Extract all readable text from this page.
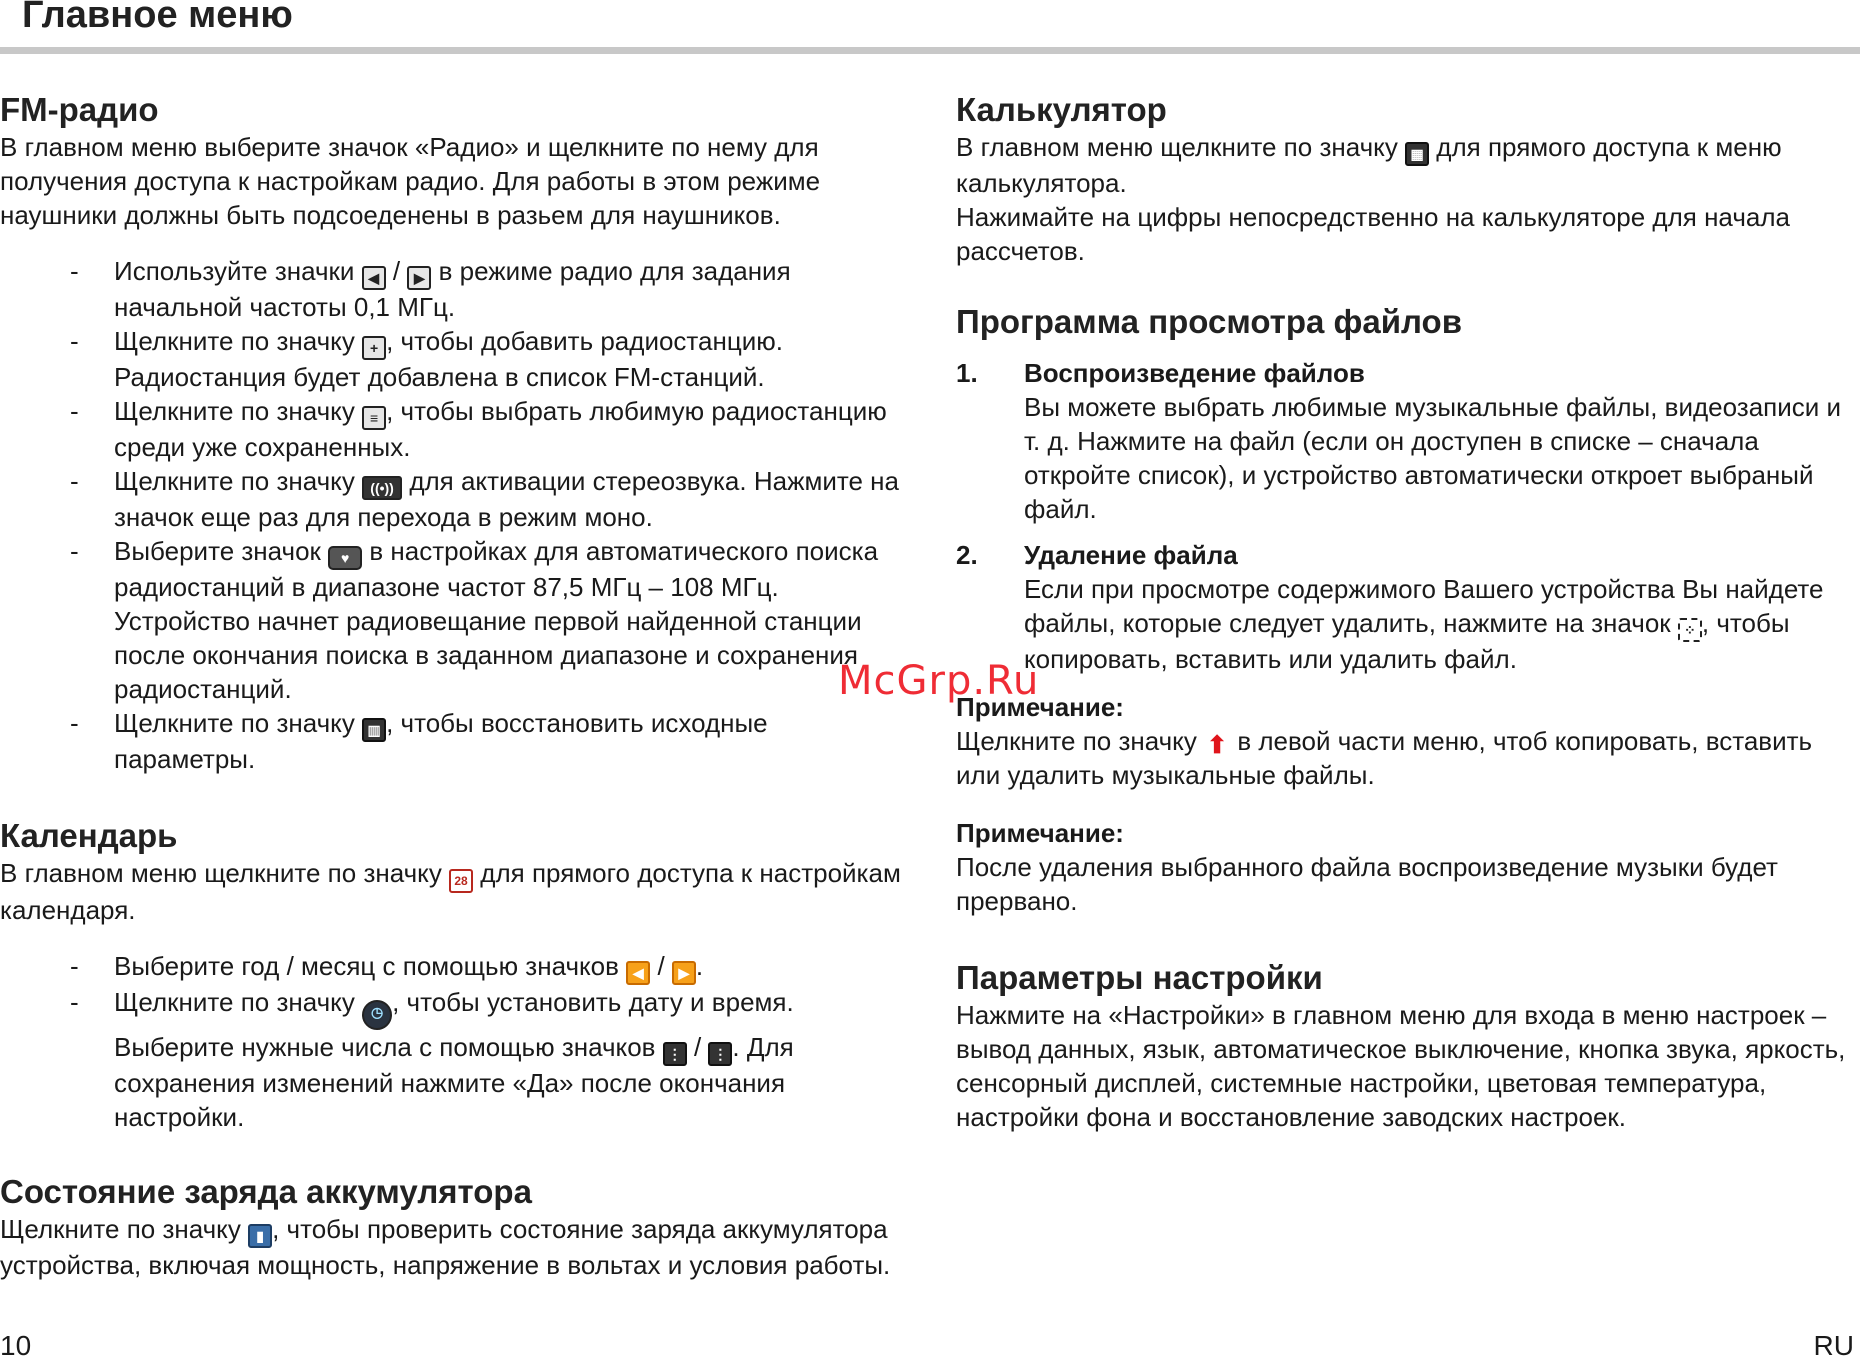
Главное меню
FM-радио

В главном меню выберите значок «Радио» и щелкните по нему для получения доступа к настройкам радио. Для работы в этом режиме наушники должны быть подсоеденены в разьем для наушников.

- Используйте значки ◀ / ▶ в режиме радио для задания начальной частоты 0,1 МГц.
- Щелкните по значку + , чтобы добавить радиостанцию. Радиостанция будет добавлена в список FM-станций.
- Щелкните по значку ≡ , чтобы выбрать любимую радиостанцию среди уже сохраненных.
- Щелкните по значку ((•)) для активации стереозвука. Нажмите на значок еще раз для перехода в режим моно.
- Выберите значок ♥ в настройках для автоматического поиска радиостанций в диапазоне частот 87,5 МГц – 108 МГц. Устройство начнет радиовещание первой найденной станции после окончания поиска в заданном диапазоне и сохранения радиостанций.
- Щелкните по значку ▥ , чтобы восстановить исходные параметры.
Календарь

В главном меню щелкните по значку 28 для прямого доступа к настройкам календаря.

- Выберите год / месяц с помощью значков ◀ / ▶ .
- Щелкните по значку ◷ , чтобы установить дату и время. Выберите нужные числа с помощью значков ⋮ / ⋮ . Для сохранения изменений нажмите «Да» после окончания настройки.
Состояние заряда аккумулятора

Щелкните по значку ▮ , чтобы проверить состояние заряда аккумулятора устройства, включая мощность, напряжение в вольтах и условия работы.

Калькулятор

В главном меню щелкните по значку ▦ для прямого доступа к меню калькулятора.

Нажимайте на цифры непосредственно на калькуляторе для начала рассчетов.

Программа просмотра файлов
1. Воспроизведение файлов

Вы можете выбрать любимые музыкальные файлы, видеозаписи и т. д. Нажмите на файл (если он доступен в списке – сначала откройте список), и устройство автоматически откроет выбраный файл.

2. Удаление файла

Если при просмотре содержимого Вашего устройства Вы найдете файлы, которые следует удалить, нажмите на значок ⁘ , чтобы копировать, вставить или удалить файл.

Примечание:

Щелкните по значку ⬆ в левой части меню, чтоб копировать, вставить или удалить музыкальные файлы.

Примечание:

После удаления выбранного файла воспроизведение музыки будет прервано.

Параметры настройки

Нажмите на «Настройки» в главном меню для входа в меню настроек – вывод данных, язык, автоматическое выключение, кнопка звука, яркость, сенсорный дисплей, системные настройки, цветовая температура, настройки фона и восстановление заводских настроек.

McGrp.Ru
10	RU
